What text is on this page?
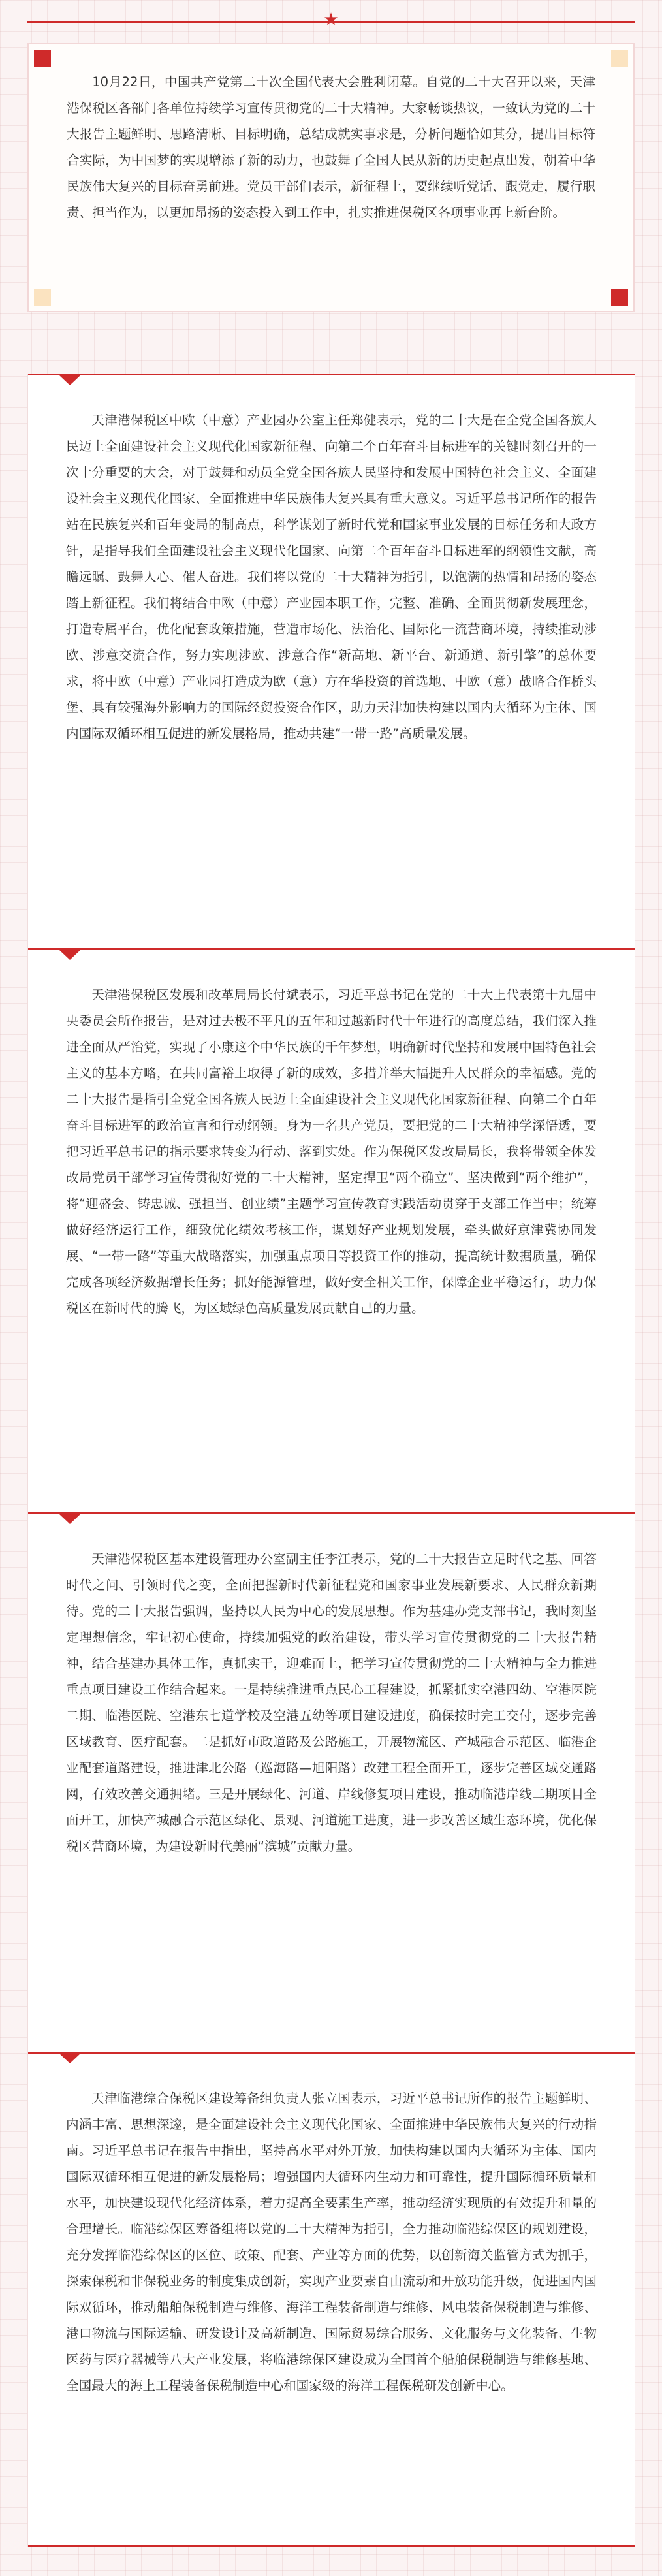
★

10月22日，中国共产党第二十次全国代表大会胜利闭幕。自党的二十大召开以来，天津港保税区各部门各单位持续学习宣传贯彻党的二十大精神。大家畅谈热议，一致认为党的二十大报告主题鲜明、思路清晰、目标明确，总结成就实事求是，分析问题恰如其分，提出目标符合实际，为中国梦的实现增添了新的动力，也鼓舞了全国人民从新的历史起点出发，朝着中华民族伟大复兴的目标奋勇前进。党员干部们表示，新征程上，要继续听党话、跟党走，履行职责、担当作为，以更加昂扬的姿态投入到工作中，扎实推进保税区各项事业再上新台阶。

天津港保税区中欧（中意）产业园办公室主任郑健表示，党的二十大是在全党全国各族人民迈上全面建设社会主义现代化国家新征程、向第二个百年奋斗目标进军的关键时刻召开的一次十分重要的大会，对于鼓舞和动员全党全国各族人民坚持和发展中国特色社会主义、全面建设社会主义现代化国家、全面推进中华民族伟大复兴具有重大意义。习近平总书记所作的报告站在民族复兴和百年变局的制高点，科学谋划了新时代党和国家事业发展的目标任务和大政方针，是指导我们全面建设社会主义现代化国家、向第二个百年奋斗目标进军的纲领性文献，高瞻远瞩、鼓舞人心、催人奋进。我们将以党的二十大精神为指引，以饱满的热情和昂扬的姿态踏上新征程。我们将结合中欧（中意）产业园本职工作，完整、准确、全面贯彻新发展理念，打造专属平台，优化配套政策措施，营造市场化、法治化、国际化一流营商环境，持续推动涉欧、涉意交流合作，努力实现涉欧、涉意合作“新高地、新平台、新通道、新引擎”的总体要求，将中欧（中意）产业园打造成为欧（意）方在华投资的首选地、中欧（意）战略合作桥头堡、具有较强海外影响力的国际经贸投资合作区，助力天津加快构建以国内大循环为主体、国内国际双循环相互促进的新发展格局，推动共建“一带一路”高质量发展。

天津港保税区发展和改革局局长付斌表示，习近平总书记在党的二十大上代表第十九届中央委员会所作报告，是对过去极不平凡的五年和过越新时代十年进行的高度总结，我们深入推进全面从严治党，实现了小康这个中华民族的千年梦想，明确新时代坚持和发展中国特色社会主义的基本方略，在共同富裕上取得了新的成效，多措并举大幅提升人民群众的幸福感。党的二十大报告是指引全党全国各族人民迈上全面建设社会主义现代化国家新征程、向第二个百年奋斗目标进军的政治宣言和行动纲领。身为一名共产党员，要把党的二十大精神学深悟透，要把习近平总书记的指示要求转变为行动、落到实处。作为保税区发改局局长，我将带领全体发改局党员干部学习宣传贯彻好党的二十大精神，坚定捍卫“两个确立”、坚决做到“两个维护”，将“迎盛会、铸忠诚、强担当、创业绩”主题学习宣传教育实践活动贯穿于支部工作当中；统筹做好经济运行工作，细致优化绩效考核工作，谋划好产业规划发展，牵头做好京津冀协同发展、“一带一路”等重大战略落实，加强重点项目等投资工作的推动，提高统计数据质量，确保完成各项经济数据增长任务；抓好能源管理，做好安全相关工作，保障企业平稳运行，助力保税区在新时代的腾飞，为区域绿色高质量发展贡献自己的力量。

天津港保税区基本建设管理办公室副主任李江表示，党的二十大报告立足时代之基、回答时代之问、引领时代之变，全面把握新时代新征程党和国家事业发展新要求、人民群众新期待。党的二十大报告强调，坚持以人民为中心的发展思想。作为基建办党支部书记，我时刻坚定理想信念，牢记初心使命，持续加强党的政治建设，带头学习宣传贯彻党的二十大报告精神，结合基建办具体工作，真抓实干，迎难而上，把学习宣传贯彻党的二十大精神与全力推进重点项目建设工作结合起来。一是持续推进重点民心工程建设，抓紧抓实空港四幼、空港医院二期、临港医院、空港东七道学校及空港五幼等项目建设进度，确保按时完工交付，逐步完善区域教育、医疗配套。二是抓好市政道路及公路施工，开展物流区、产城融合示范区、临港企业配套道路建设，推进津北公路（巡海路—旭阳路）改建工程全面开工，逐步完善区域交通路网，有效改善交通拥堵。三是开展绿化、河道、岸线修复项目建设，推动临港岸线二期项目全面开工，加快产城融合示范区绿化、景观、河道施工进度，进一步改善区域生态环境，优化保税区营商环境，为建设新时代美丽“滨城”贡献力量。

天津临港综合保税区建设筹备组负责人张立国表示，习近平总书记所作的报告主题鲜明、内涵丰富、思想深邃，是全面建设社会主义现代化国家、全面推进中华民族伟大复兴的行动指南。习近平总书记在报告中指出，坚持高水平对外开放，加快构建以国内大循环为主体、国内国际双循环相互促进的新发展格局；增强国内大循环内生动力和可靠性，提升国际循环质量和水平，加快建设现代化经济体系，着力提高全要素生产率，推动经济实现质的有效提升和量的合理增长。临港综保区筹备组将以党的二十大精神为指引，全力推动临港综保区的规划建设，充分发挥临港综保区的区位、政策、配套、产业等方面的优势，以创新海关监管方式为抓手，探索保税和非保税业务的制度集成创新，实现产业要素自由流动和开放功能升级，促进国内国际双循环，推动船舶保税制造与维修、海洋工程装备制造与维修、风电装备保税制造与维修、港口物流与国际运输、研发设计及高新制造、国际贸易综合服务、文化服务与文化装备、生物医药与医疗器械等八大产业发展，将临港综保区建设成为全国首个船舶保税制造与维修基地、全国最大的海上工程装备保税制造中心和国家级的海洋工程保税研发创新中心。
